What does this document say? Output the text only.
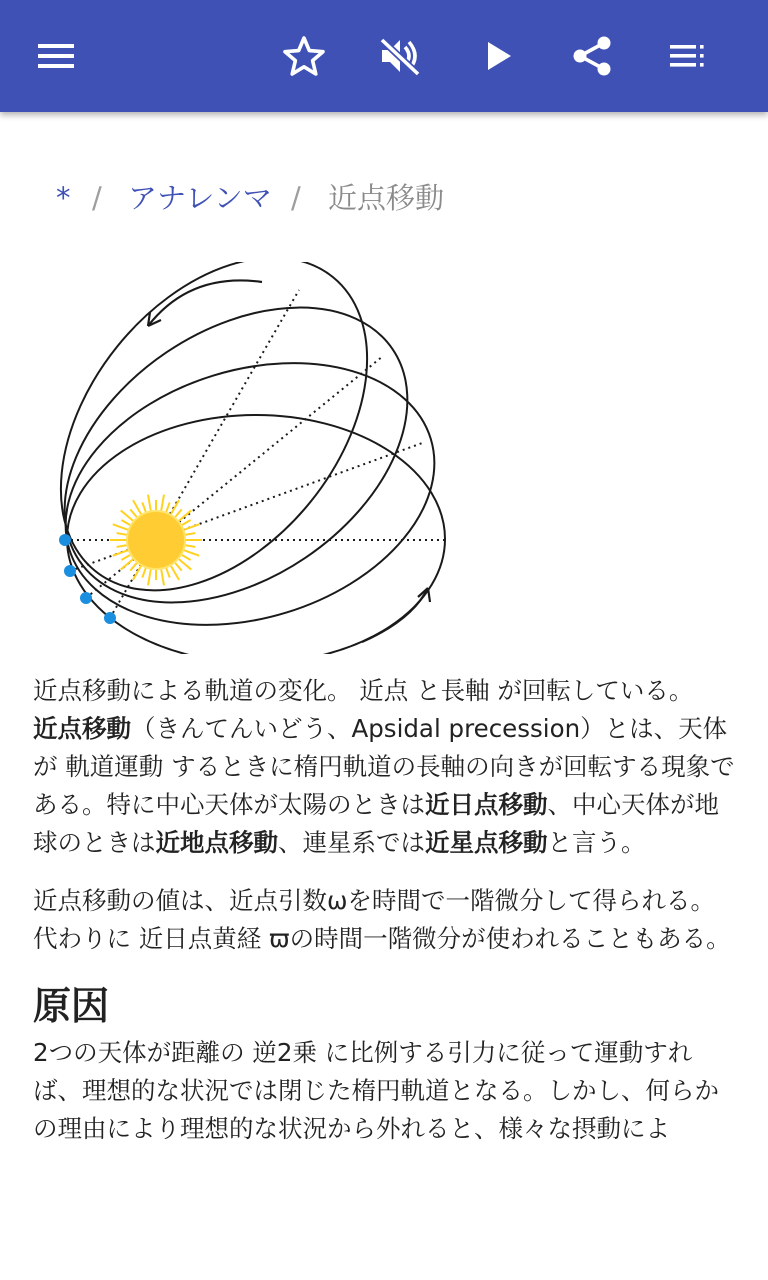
* / アナレンマ / 近点移動

近点移動による軌道の変化。 近点 と長軸 が回転している。

近点移動（きんてんいどう、Apsidal precession）とは、天体が 軌道運動 するときに楕円軌道の長軸の向きが回転する現象である。特に中心天体が太陽のときは近日点移動、中心天体が地球のときは近地点移動、連星系では近星点移動と言う。

近点移動の値は、近点引数ωを時間で一階微分して得られる。代わりに 近日点黄経 ϖの時間一階微分が使われることもある。

原因

2つの天体が距離の 逆2乗 に比例する引力に従って運動すれば、理想的な状況では閉じた楕円軌道となる。しかし、何らかの理由により理想的な状況から外れると、様々な摂動によ
